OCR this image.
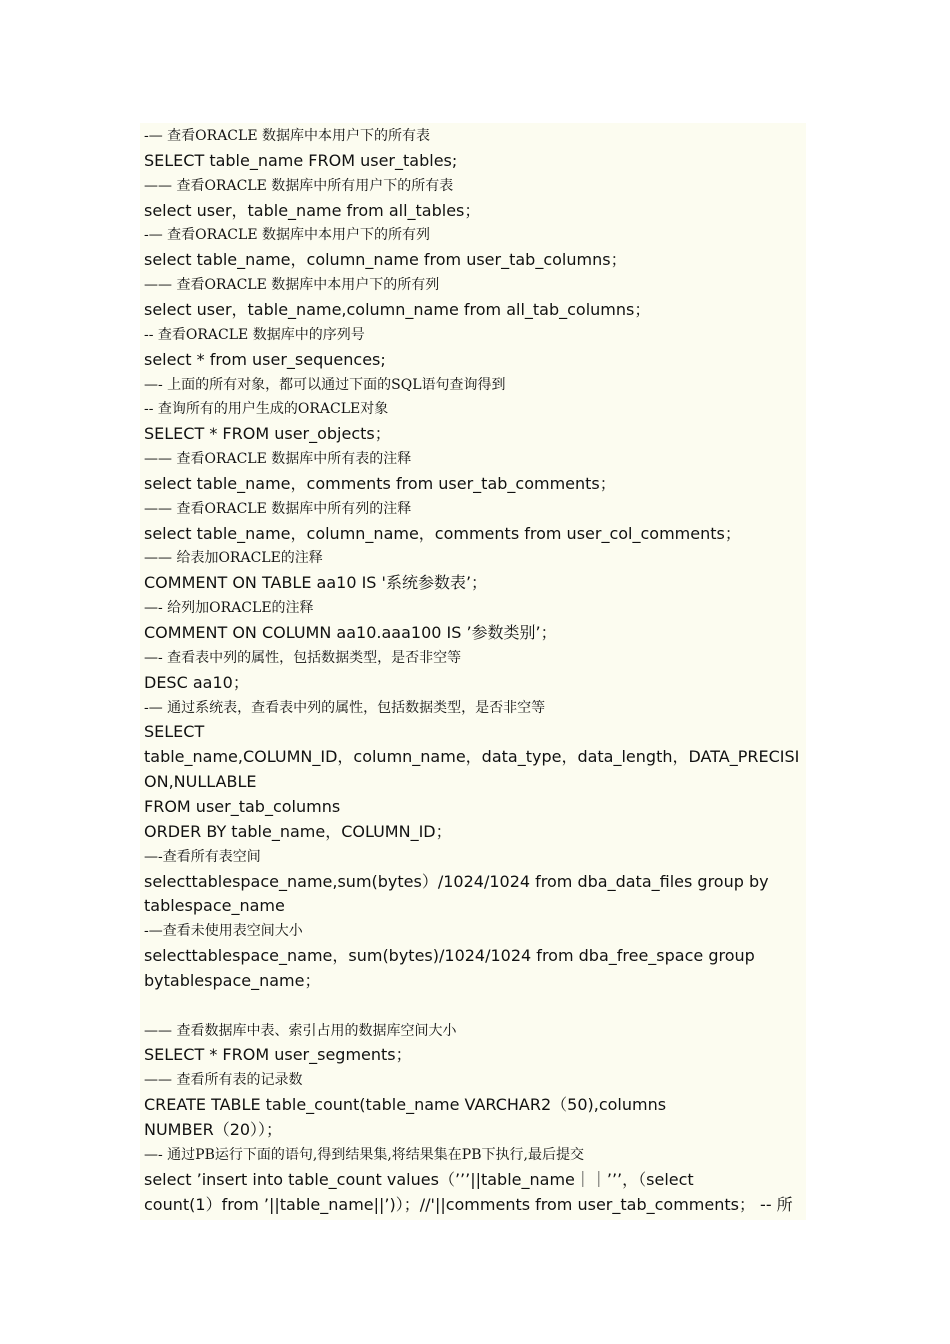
-— 查看ORACLE 数据库中本用户下的所有表
SELECT table_name FROM user_tables;
—— 查看ORACLE 数据库中所有用户下的所有表
select user，table_name from all_tables；
-— 查看ORACLE 数据库中本用户下的所有列
select table_name，column_name from user_tab_columns；
—— 查看ORACLE 数据库中本用户下的所有列
select user，table_name,column_name from all_tab_columns；
-- 查看ORACLE 数据库中的序列号
select * from user_sequences;
—- 上面的所有对象，都可以通过下面的SQL语句查询得到
-- 查询所有的用户生成的ORACLE对象
SELECT * FROM user_objects；
—— 查看ORACLE 数据库中所有表的注释
select table_name，comments from user_tab_comments；
—— 查看ORACLE 数据库中所有列的注释
select table_name，column_name，comments from user_col_comments；
—— 给表加ORACLE的注释
COMMENT ON TABLE aa10 IS '系统参数表’；
—- 给列加ORACLE的注释
COMMENT ON COLUMN aa10.aaa100 IS ’参数类别’；
—- 查看表中列的属性，包括数据类型，是否非空等
DESC aa10；
-— 通过系统表，查看表中列的属性，包括数据类型，是否非空等
SELECT
table_name,COLUMN_ID，column_name，data_type，data_length，DATA_PRECISI
ON,NULLABLE
FROM user_tab_columns
ORDER BY table_name，COLUMN_ID；
—-查看所有表空间
selecttablespace_name,sum(bytes）/1024/1024 from dba_data_files group by
tablespace_name
-—查看未使用表空间大小
selecttablespace_name，sum(bytes)/1024/1024 from dba_free_space group
bytablespace_name；
—— 查看数据库中表、索引占用的数据库空间大小
SELECT * FROM user_segments；
—— 查看所有表的记录数
CREATE TABLE table_count(table_name VARCHAR2（50),columns
NUMBER（20））；
—- 通过PB运行下面的语句,得到结果集,将结果集在PB下执行,最后提交
select ’insert into table_count values（’’’||table_name｜｜’’’，（select
count(1）from ’||table_name||’)）；//'||comments from user_tab_comments； -- 所
